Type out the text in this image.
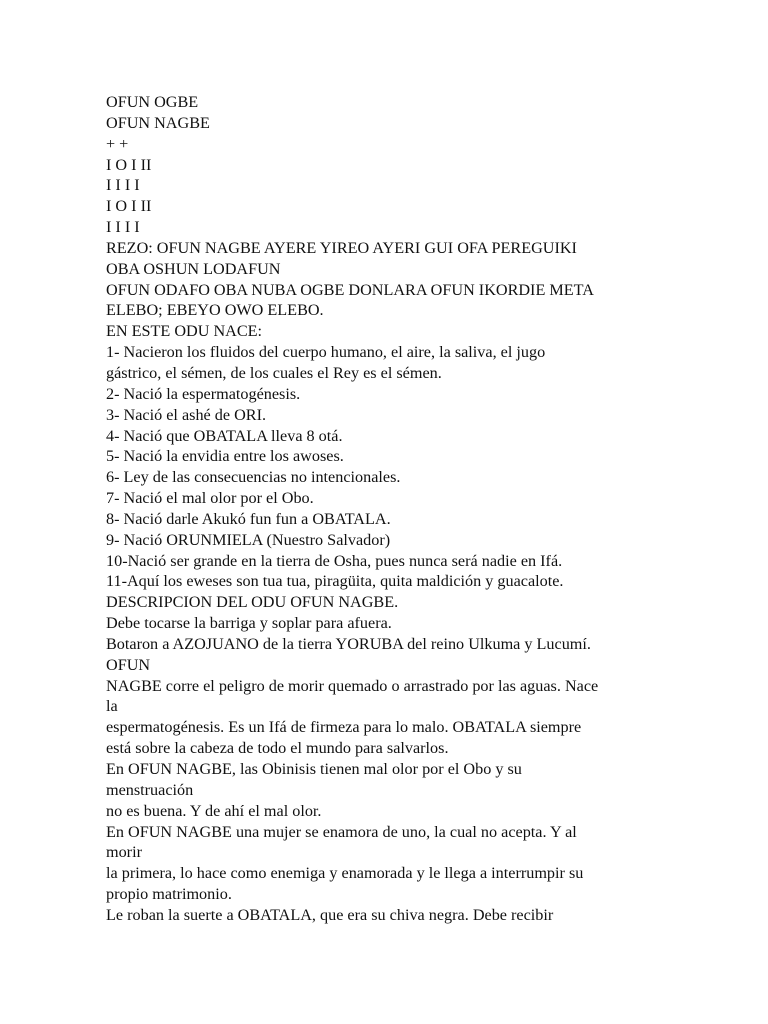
OFUN OGBE
OFUN NAGBE
+ +
I O I II
I I I I
I O I II
I I I I
REZO: OFUN NAGBE AYERE YIREO AYERI GUI OFA PEREGUIKI
OBA OSHUN LODAFUN
OFUN ODAFO OBA NUBA OGBE DONLARA OFUN IKORDIE META
ELEBO; EBEYO OWO ELEBO.
EN ESTE ODU NACE:
1- Nacieron los fluidos del cuerpo humano, el aire, la saliva, el jugo
gástrico, el sémen, de los cuales el Rey es el sémen.
2- Nació la espermatogénesis.
3- Nació el ashé de ORI.
4- Nació que OBATALA lleva 8 otá.
5- Nació la envidia entre los awoses.
6- Ley de las consecuencias no intencionales.
7- Nació el mal olor por el Obo.
8- Nació darle Akukó fun fun a OBATALA.
9- Nació ORUNMIELA (Nuestro Salvador)
10-Nació ser grande en la tierra de Osha, pues nunca será nadie en Ifá.
11-Aquí los eweses son tua tua, piragüita, quita maldición y guacalote.
DESCRIPCION DEL ODU OFUN NAGBE.
Debe tocarse la barriga y soplar para afuera.
Botaron a AZOJUANO de la tierra YORUBA del reino Ulkuma y Lucumí.
OFUN
NAGBE corre el peligro de morir quemado o arrastrado por las aguas. Nace
la
espermatogénesis. Es un Ifá de firmeza para lo malo. OBATALA siempre
está sobre la cabeza de todo el mundo para salvarlos.
En OFUN NAGBE, las Obinisis tienen mal olor por el Obo y su
menstruación
no es buena. Y de ahí el mal olor.
En OFUN NAGBE una mujer se enamora de uno, la cual no acepta. Y al
morir
la primera, lo hace como enemiga y enamorada y le llega a interrumpir su
propio matrimonio.
Le roban la suerte a OBATALA, que era su chiva negra. Debe recibir
